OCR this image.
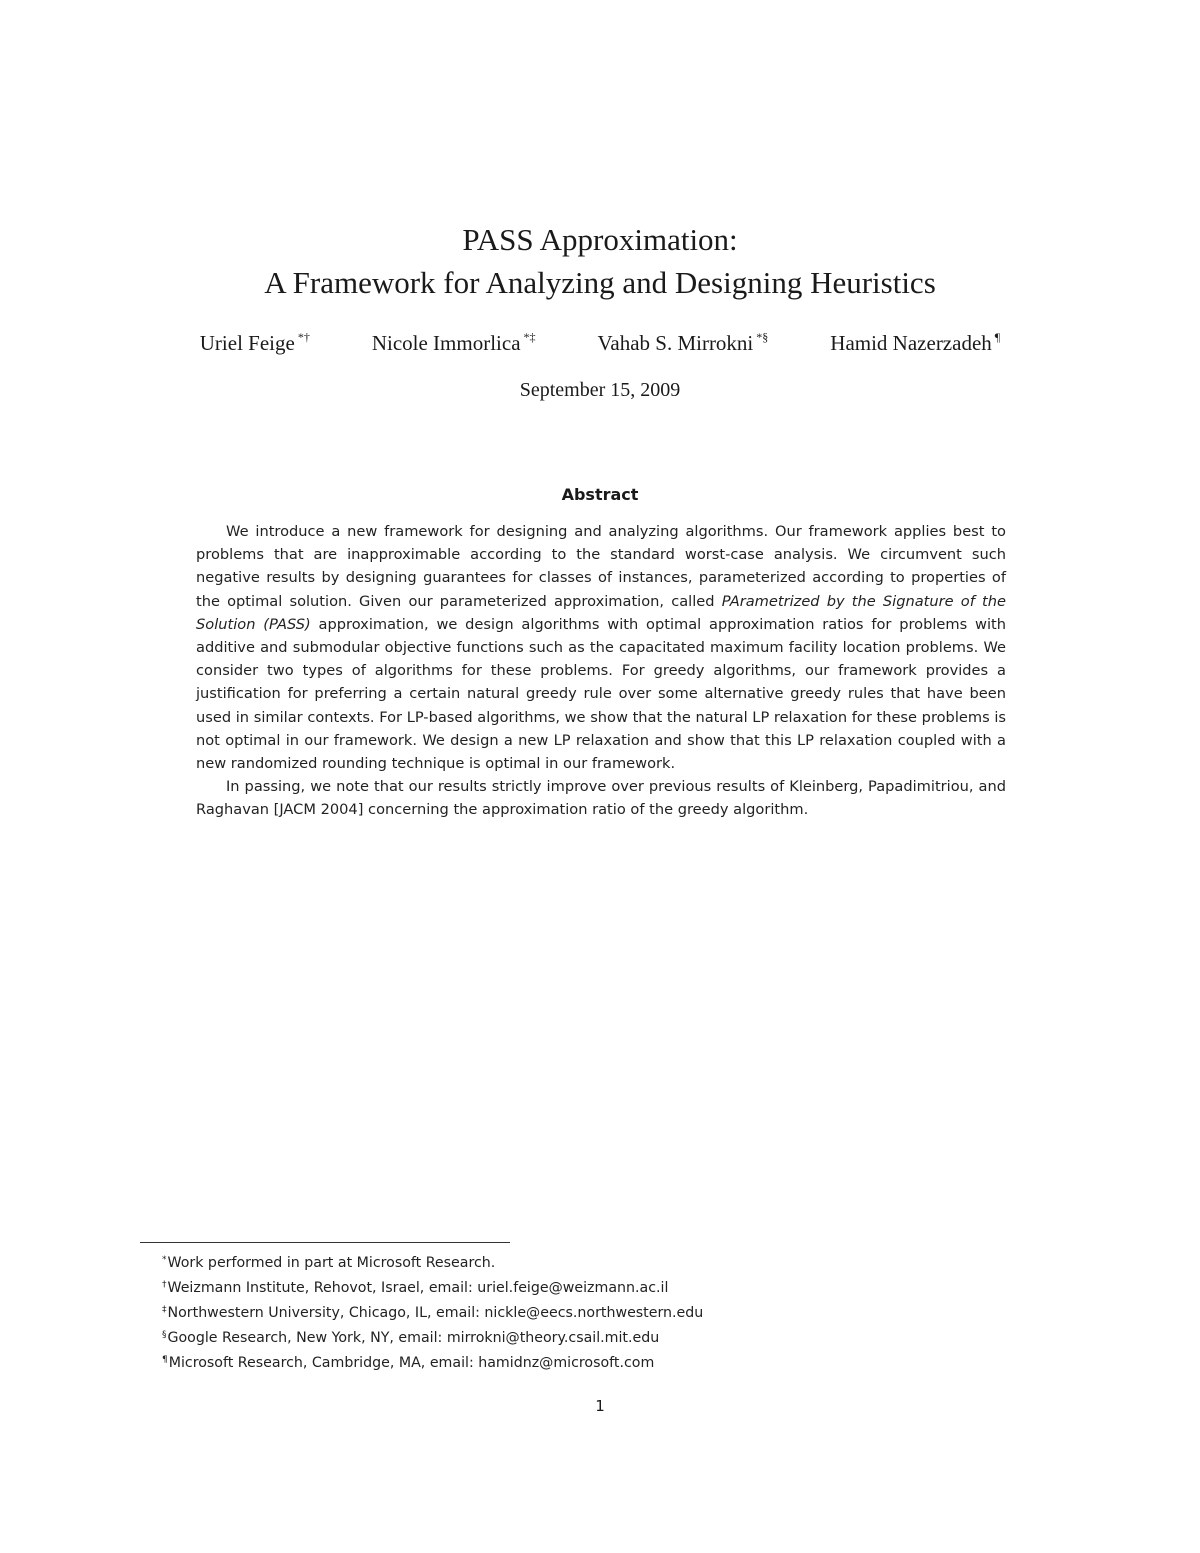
PASS Approximation:
A Framework for Analyzing and Designing Heuristics
Uriel Feige *†	Nicole Immorlica *‡	Vahab S. Mirrokni *§	Hamid Nazerzadeh ¶
September 15, 2009
Abstract

We introduce a new framework for designing and analyzing algorithms. Our framework applies best to problems that are inapproximable according to the standard worst-case analysis. We circumvent such negative results by designing guarantees for classes of instances, parameterized according to properties of the optimal solution. Given our parameterized approximation, called PArametrized by the Signature of the Solution (PASS) approximation, we design algorithms with optimal approximation ratios for problems with additive and submodular objective functions such as the capacitated maximum facility location problems. We consider two types of algorithms for these problems. For greedy algorithms, our framework provides a justification for preferring a certain natural greedy rule over some alternative greedy rules that have been used in similar contexts. For LP-based algorithms, we show that the natural LP relaxation for these problems is not optimal in our framework. We design a new LP relaxation and show that this LP relaxation coupled with a new randomized rounding technique is optimal in our framework.

In passing, we note that our results strictly improve over previous results of Kleinberg, Papadimitriou, and Raghavan [JACM 2004] concerning the approximation ratio of the greedy algorithm.

*Work performed in part at Microsoft Research.

†Weizmann Institute, Rehovot, Israel, email: uriel.feige@weizmann.ac.il

‡Northwestern University, Chicago, IL, email: nickle@eecs.northwestern.edu

§Google Research, New York, NY, email: mirrokni@theory.csail.mit.edu

¶Microsoft Research, Cambridge, MA, email: hamidnz@microsoft.com

1
